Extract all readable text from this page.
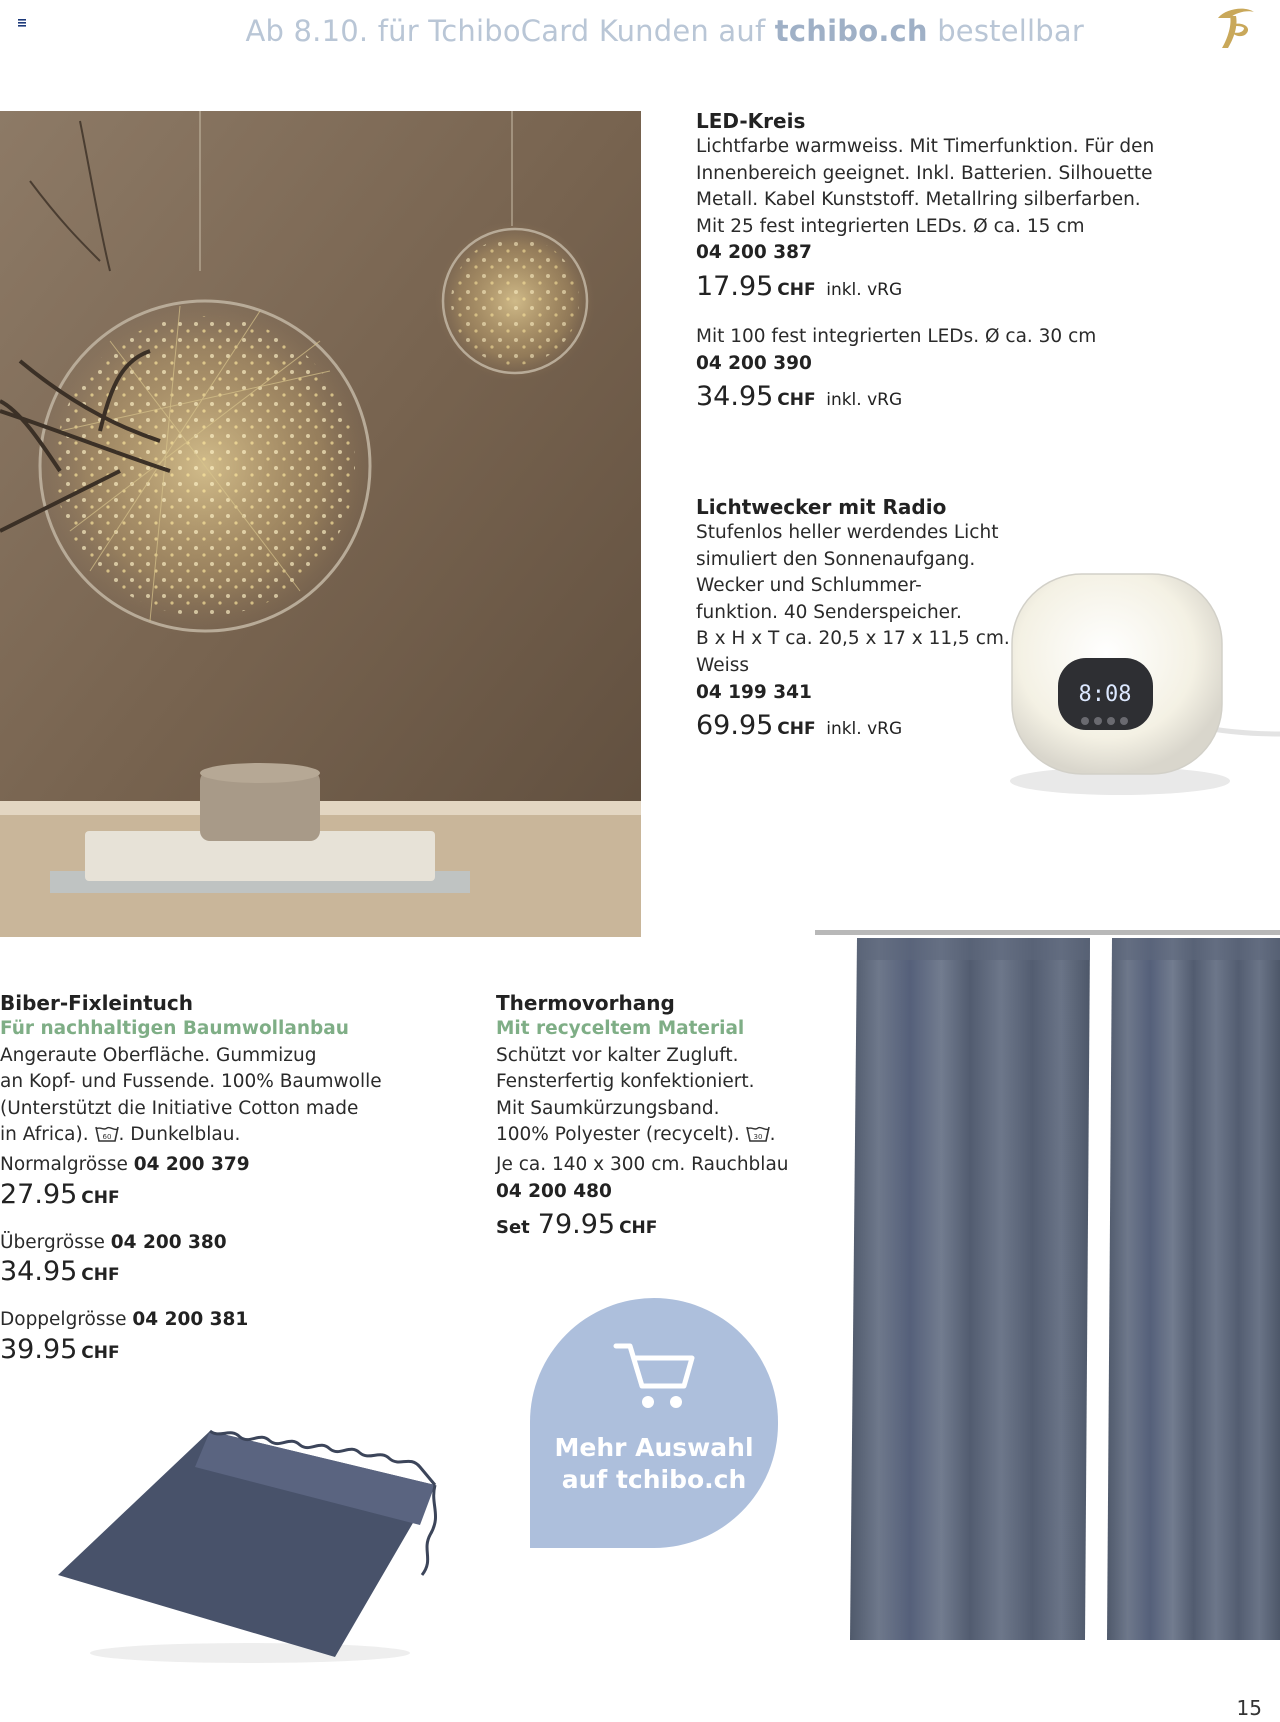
Ab 8.10. für TchiboCard Kunden auf tchibo.ch bestellbar
LED-Kreis
Lichtfarbe warmweiss. Mit Timerfunktion. Für den Innenbereich geeignet. Inkl. Batterien. Silhouette Metall. Kabel Kunststoff. Metallring silberfarben.
Mit 25 fest integrierten LEDs. Ø ca. 15 cm
04 200 387
17.95 CHF inkl. vRG
Mit 100 fest integrierten LEDs. Ø ca. 30 cm
04 200 390
34.95 CHF inkl. vRG
Lichtwecker mit Radio
Stufenlos heller werdendes Licht
simuliert den Sonnenaufgang.
Wecker und Schlummer-
funktion. 40 Senderspeicher.
B x H x T ca. 20,5 x 17 x 11,5 cm.
Weiss
04 199 341
69.95 CHF inkl. vRG
8:08
Biber-Fixleintuch
Für nachhaltigen Baumwollanbau
Angeraute Oberfläche. Gummizug
an Kopf- und Fussende. 100% Baumwolle
(Unterstützt die Initiative Cotton made
in Africa). 60 . Dunkelblau.
Normalgrösse 04 200 379
27.95 CHF
Übergrösse 04 200 380
34.95 CHF
Doppelgrösse 04 200 381
39.95 CHF
Thermovorhang
Mit recyceltem Material
Schützt vor kalter Zugluft.
Fensterfertig konfektioniert.
Mit Saumkürzungsband.
100% Polyester (recycelt). 30 .
Je ca. 140 x 300 cm. Rauchblau
04 200 480
Set 79.95 CHF
Mehr Auswahl
auf tchibo.ch
15
